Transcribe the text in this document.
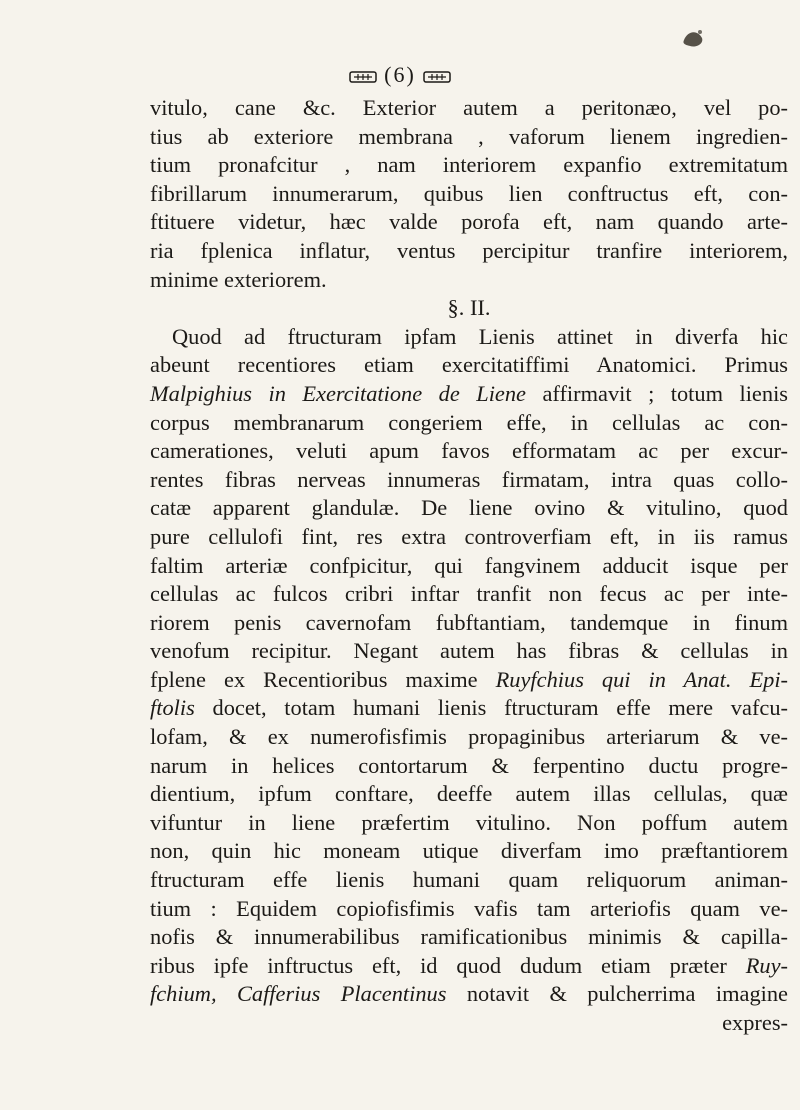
(6)
vitulo, cane &c. Exterior autem a peritonæo, vel po-
tius ab exteriore membrana , vaforum lienem ingredien-
tium pronafcitur , nam interiorem expanfio extremitatum
fibrillarum innumerarum, quibus lien conftructus eft, con-
ftituere videtur, hæc valde porofa eft, nam quando arte-
ria fplenica inflatur, ventus percipitur tranfire interiorem,
minime exteriorem.
§. II.
Quod ad ftructuram ipfam Lienis attinet in diverfa hic
abeunt recentiores etiam exercitatiffimi Anatomici. Primus
Malpighius in Exercitatione de Liene affirmavit ; totum lienis
corpus membranarum congeriem effe, in cellulas ac con-
camerationes, veluti apum favos efformatam ac per excur-
rentes fibras nerveas innumeras firmatam, intra quas collo-
catæ apparent glandulæ. De liene ovino & vitulino, quod
pure cellulofi fint, res extra controverfiam eft, in iis ramus
faltim arteriæ confpicitur, qui fangvinem adducit isque per
cellulas ac fulcos cribri inftar tranfit non fecus ac per inte-
riorem penis cavernofam fubftantiam, tandemque in finum
venofum recipitur. Negant autem has fibras & cellulas in
fplene ex Recentioribus maxime Ruyfchius qui in Anat. Epi-
ftolis docet, totam humani lienis ftructuram effe mere vafcu-
lofam, & ex numerofisfimis propaginibus arteriarum & ve-
narum in helices contortarum & ferpentino ductu progre-
dientium, ipfum conftare, deeffe autem illas cellulas, quæ
vifuntur in liene præfertim vitulino. Non poffum autem
non, quin hic moneam utique diverfam imo præftantiorem
ftructuram effe lienis humani quam reliquorum animan-
tium : Equidem copiofisfimis vafis tam arteriofis quam ve-
nofis & innumerabilibus ramificationibus minimis & capilla-
ribus ipfe inftructus eft, id quod dudum etiam præter Ruy-
fchium, Cafferius Placentinus notavit & pulcherrima imagine
expres-
